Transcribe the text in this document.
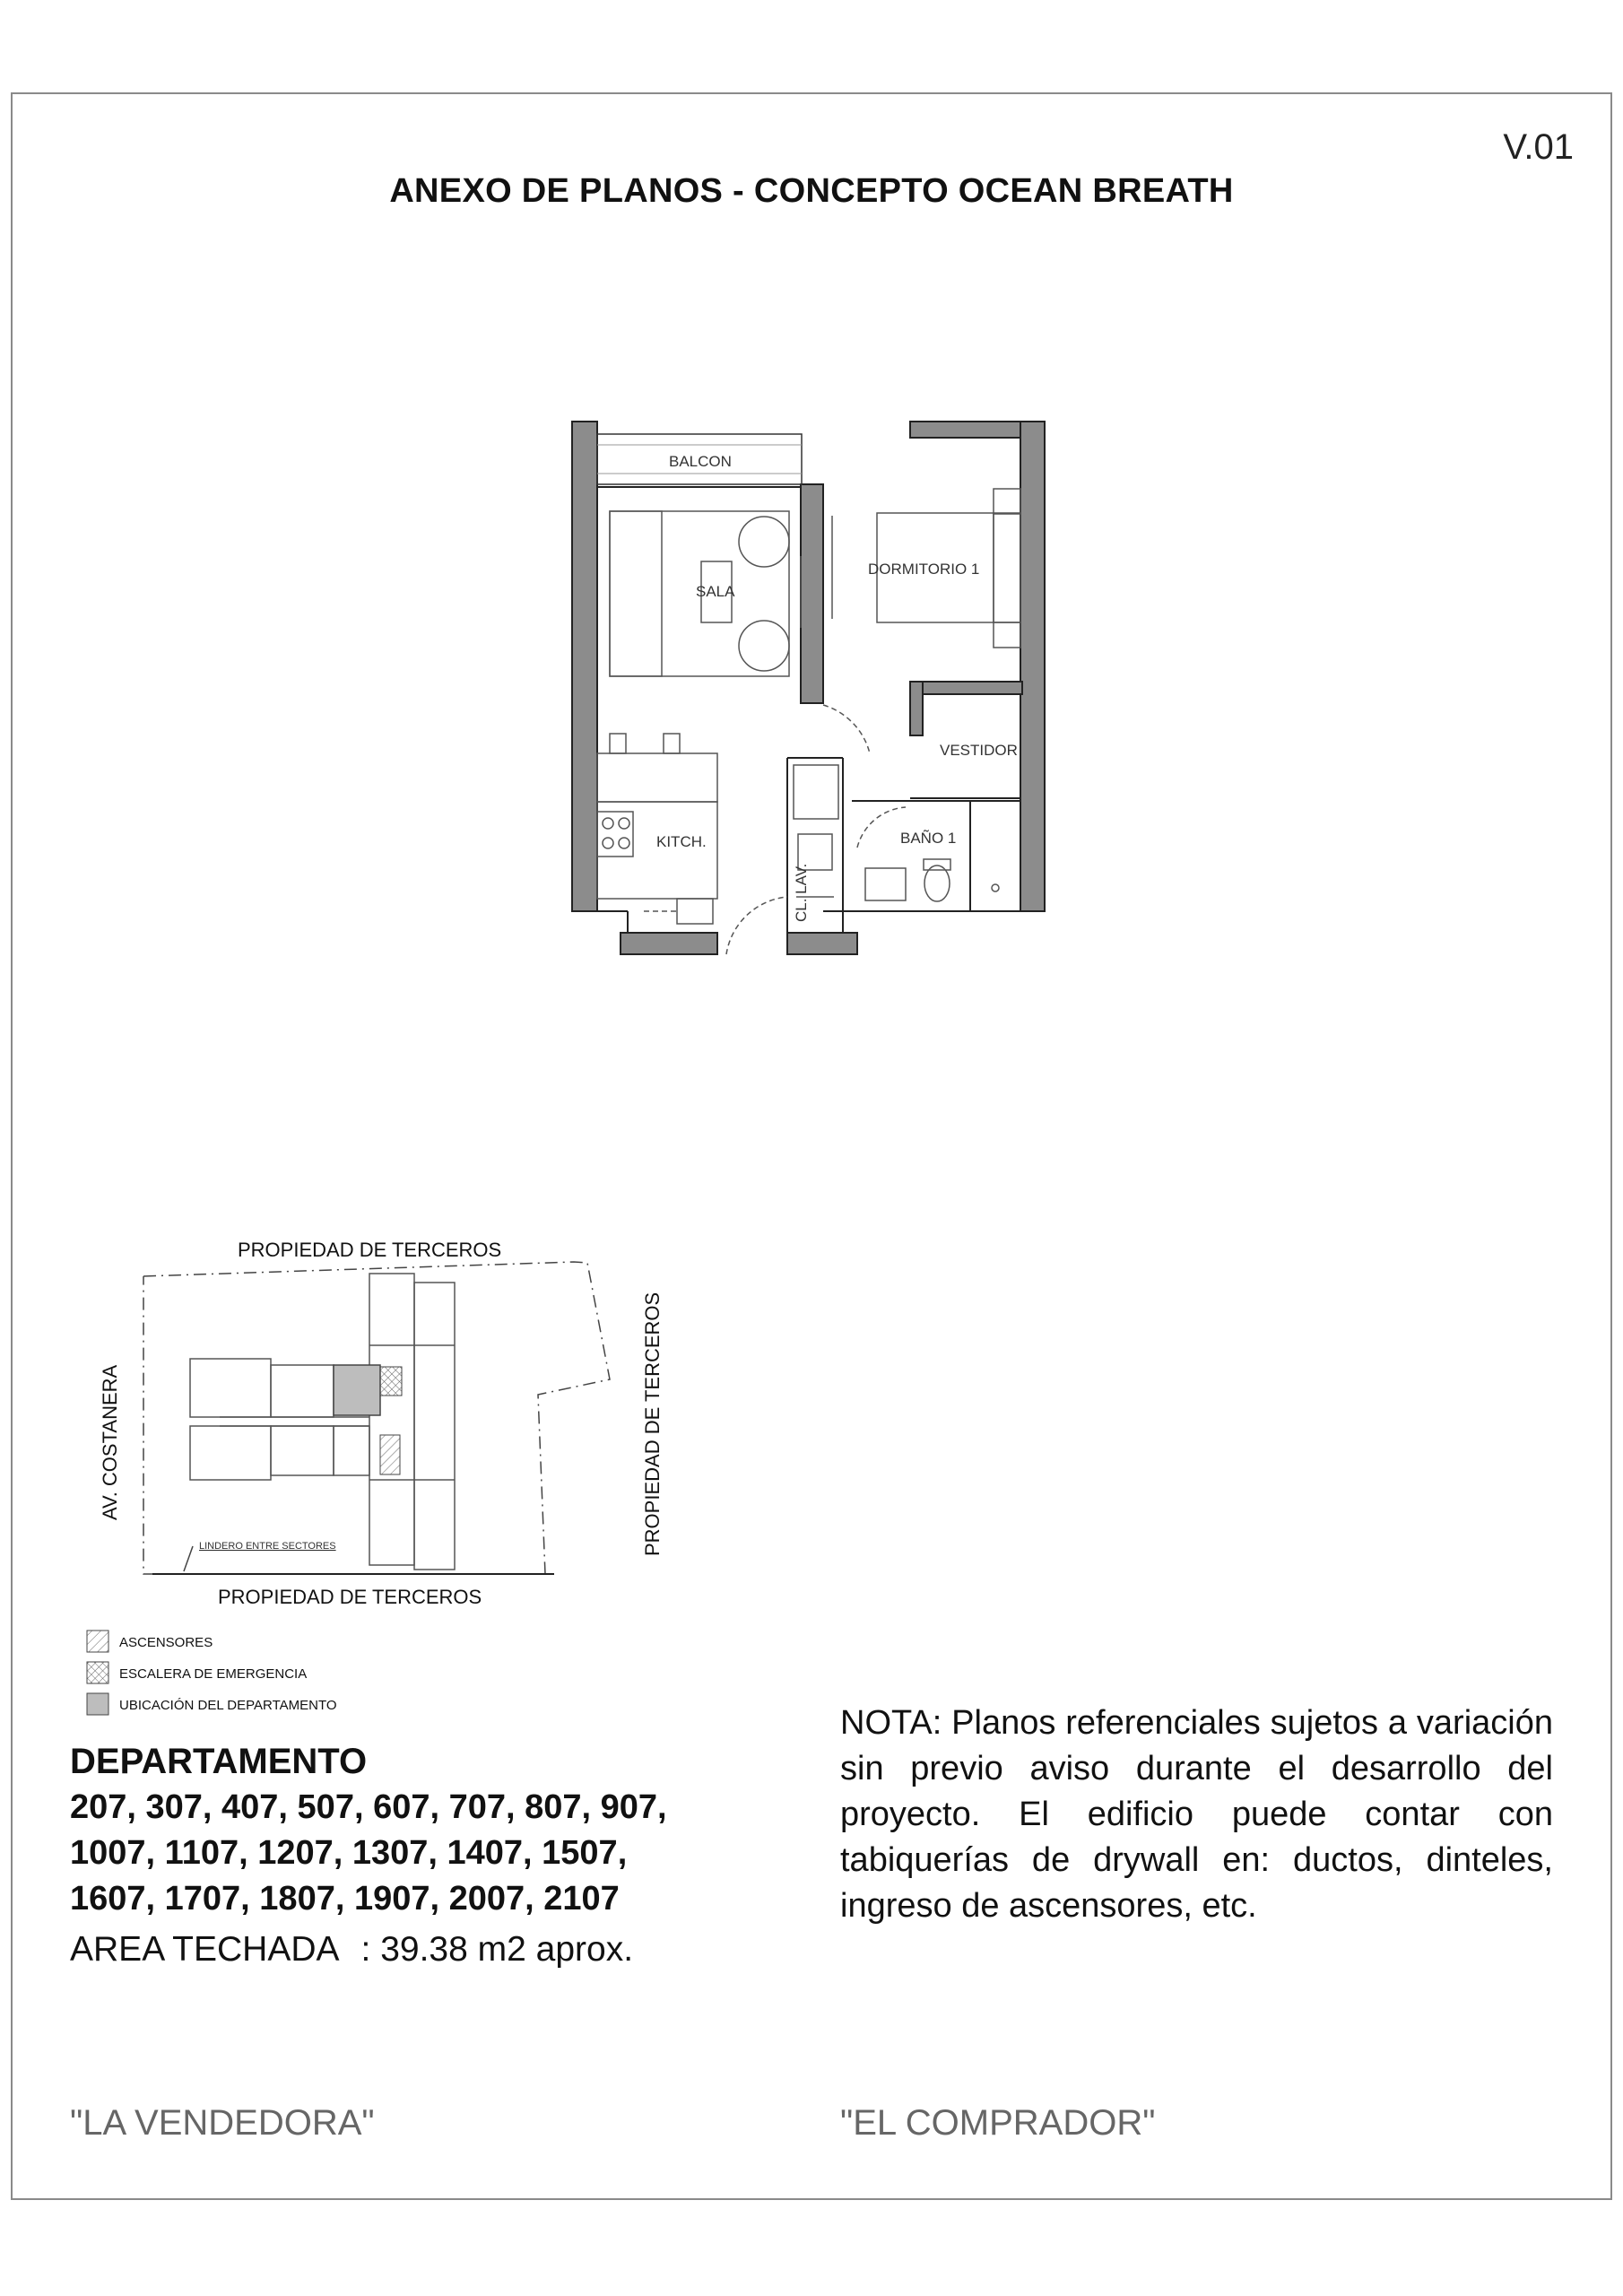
V.01
ANEXO DE PLANOS - CONCEPTO OCEAN BREATH
BALCON
SALA
DORMITORIO 1
VESTIDOR
KITCH.
CL. LAV.
BAÑO 1
PROPIEDAD DE TERCEROS
PROPIEDAD DE TERCEROS
PROPIEDAD DE TERCEROS
AV. COSTANERA
LINDERO ENTRE SECTORES
ASCENSORES
ESCALERA DE EMERGENCIA
UBICACIÓN DEL DEPARTAMENTO
DEPARTAMENTO
207, 307, 407, 507, 607, 707, 807, 907,
1007, 1107, 1207, 1307, 1407, 1507,
1607, 1707, 1807, 1907, 2007, 2107
AREA TECHADA : 39.38 m2 aprox.
NOTA: Planos referenciales sujetos a variación sin previo aviso durante el desarrollo del proyecto. El edificio puede contar con tabiquerías de drywall en: ductos, dinteles, ingreso de ascensores, etc.
"LA VENDEDORA"	"EL COMPRADOR"
